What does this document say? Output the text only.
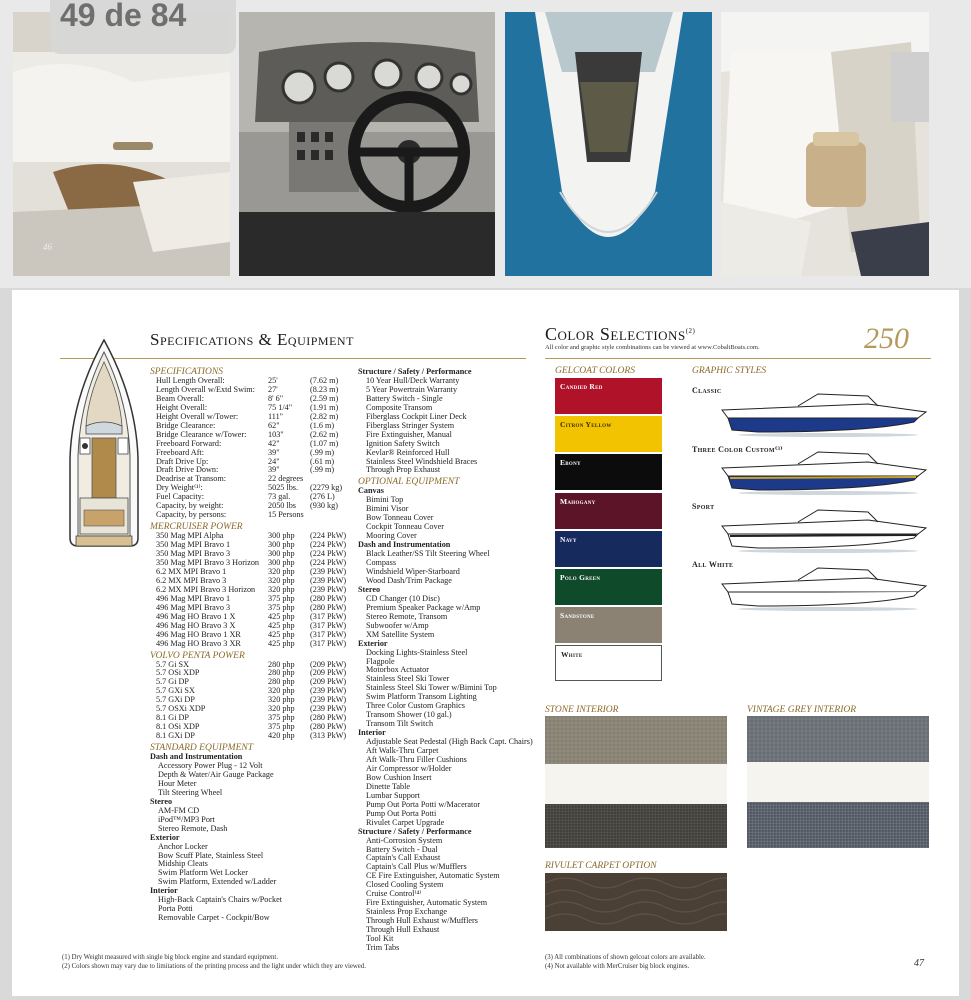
46
49 de 84
Specifications & Equipment
SPECIFICATIONS
Hull Length Overall:	25'	(7.62 m)
Length Overall w/Extd Swim:	27'	(8.23 m)
Beam Overall:	8' 6"	(2.59 m)
Height Overall:	75 1/4"	(1.91 m)
Height Overall w/Tower:	111"	(2.82 m)
Bridge Clearance:	62"	(1.6 m)
Bridge Clearance w/Tower:	103"	(2.62 m)
Freeboard Forward:	42"	(1.07 m)
Freeboard Aft:	39"	(.99 m)
Draft Drive Up:	24"	(.61 m)
Draft Drive Down:	39"	(.99 m)
Deadrise at Transom:	22 degrees
Dry Weight⁽¹⁾:	5025 lbs.	(2279 kg)
Fuel Capacity:	73 gal.	(276 L)
Capacity, by weight:	2050 lbs	(930 kg)
Capacity, by persons:	15 Persons
MERCRUISER POWER
350 Mag MPI Alpha	300 php	(224 PkW)
350 Mag MPI Bravo 1	300 php	(224 PkW)
350 Mag MPI Bravo 3	300 php	(224 PkW)
350 Mag MPI Bravo 3 Horizon	300 php	(224 PkW)
6.2 MX MPI Bravo 1	320 php	(239 PkW)
6.2 MX MPI Bravo 3	320 php	(239 PkW)
6.2 MX MPI Bravo 3 Horizon	320 php	(239 PkW)
496 Mag MPI Bravo 1	375 php	(280 PkW)
496 Mag MPI Bravo 3	375 php	(280 PkW)
496 Mag HO Bravo 1 X	425 php	(317 PkW)
496 Mag HO Bravo 3 X	425 php	(317 PkW)
496 Mag HO Bravo 1 XR	425 php	(317 PkW)
496 Mag HO Bravo 3 XR	425 php	(317 PkW)
VOLVO PENTA POWER
5.7 Gi SX	280 php	(209 PkW)
5.7 OSi XDP	280 php	(209 PkW)
5.7 Gi DP	280 php	(209 PkW)
5.7 GXi SX	320 php	(239 PkW)
5.7 GXi DP	320 php	(239 PkW)
5.7 OSXi XDP	320 php	(239 PkW)
8.1 Gi DP	375 php	(280 PkW)
8.1 OSi XDP	375 php	(280 PkW)
8.1 GXi DP	420 php	(313 PkW)
STANDARD EQUIPMENT
Dash and Instrumentation
Accessory Power Plug - 12 Volt
Depth & Water/Air Gauge Package
Hour Meter
Tilt Steering Wheel
Stereo
AM-FM CD
iPod™/MP3 Port
Stereo Remote, Dash
Exterior
Anchor Locker
Bow Scuff Plate, Stainless Steel
Midship Cleats
Swim Platform Wet Locker
Swim Platform, Extended w/Ladder
Interior
High-Back Captain's Chairs w/Pocket
Porta Potti
Removable Carpet - Cockpit/Bow
Structure / Safety / Performance
10 Year Hull/Deck Warranty
5 Year Powertrain Warranty
Battery Switch - Single
Composite Transom
Fiberglass Cockpit Liner Deck
Fiberglass Stringer System
Fire Extinguisher, Manual
Ignition Safety Switch
Kevlar® Reinforced Hull
Stainless Steel Windshield Braces
Through Prop Exhaust
OPTIONAL EQUIPMENT
Canvas
Bimini Top
Bimini Visor
Bow Tonneau Cover
Cockpit Tonneau Cover
Mooring Cover
Dash and Instrumentation
Black Leather/SS Tilt Steering Wheel
Compass
Windshield Wiper-Starboard
Wood Dash/Trim Package
Stereo
CD Changer (10 Disc)
Premium Speaker Package w/Amp
Stereo Remote, Transom
Subwoofer w/Amp
XM Satellite System
Exterior
Docking Lights-Stainless Steel
Flagpole
Motorbox Actuator
Stainless Steel Ski Tower
Stainless Steel Ski Tower w/Bimini Top
Swim Platform Transom Lighting
Three Color Custom Graphics
Transom Shower (10 gal.)
Transom Tilt Switch
Interior
Adjustable Seat Pedestal (High Back Capt. Chairs)
Aft Walk-Thru Carpet
Aft Walk-Thru Filler Cushions
Air Compressor w/Holder
Bow Cushion Insert
Dinette Table
Lumbar Support
Pump Out Porta Potti w/Macerator
Pump Out Porta Potti
Rivulet Carpet Upgrade
Structure / Safety / Performance
Anti-Corrosion System
Battery Switch - Dual
Captain's Call Exhaust
Captain's Call Plus w/Mufflers
CE Fire Extinguisher, Automatic System
Closed Cooling System
Cruise Control⁽⁴⁾
Fire Extinguisher, Automatic System
Stainless Prop Exchange
Through Hull Exhaust w/Mufflers
Through Hull Exhaust
Tool Kit
Trim Tabs
Color Selections$^{(2)}$
All color and graphic style combinations can be viewed at www.CobaltBoats.com.	250
GELCOAT COLORS
Candied Red
Citron Yellow
Ebony
Mahogany
Navy
Polo Green
Sandstone
White
GRAPHIC STYLES
Classic
Three Color Custom⁽³⁾
Sport
All White
STONE INTERIOR	VINTAGE GREY INTERIOR
RIVULET CARPET OPTION
(1) Dry Weight measured with single big block engine and standard equipment.
(2) Colors shown may vary due to limitations of the printing process and the light under which they are viewed.
(3) All combinations of shown gelcoat colors are available.
(4) Not available with MerCruiser big block engines.	47
